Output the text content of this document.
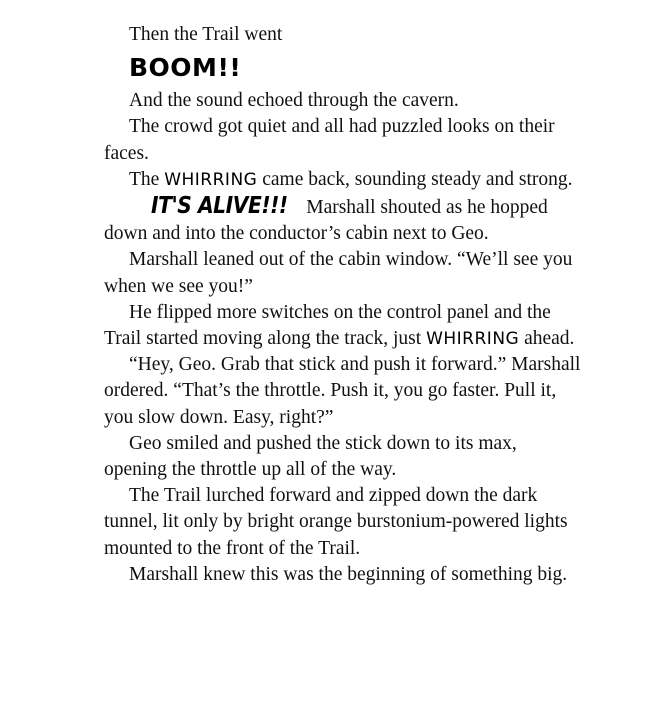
Then the Trail went

BOOM!!

And the sound echoed through the cavern.

The crowd got quiet and all had puzzled looks on their faces.

The WHIRRING came back, sounding steady and strong.

IT'S ALIVE!!! Marshall shouted as he hopped down and into the conductor’s cabin next to Geo.

Marshall leaned out of the cabin window. “We’ll see you when we see you!”

He flipped more switches on the control panel and the Trail started moving along the track, just WHIRRING ahead.

“Hey, Geo. Grab that stick and push it forward.” Marshall ordered. “That’s the throttle. Push it, you go faster. Pull it, you slow down. Easy, right?”

Geo smiled and pushed the stick down to its max, opening the throttle up all of the way.

The Trail lurched forward and zipped down the dark tunnel, lit only by bright orange burstonium-powered lights mounted to the front of the Trail.

Marshall knew this was the beginning of something big.
